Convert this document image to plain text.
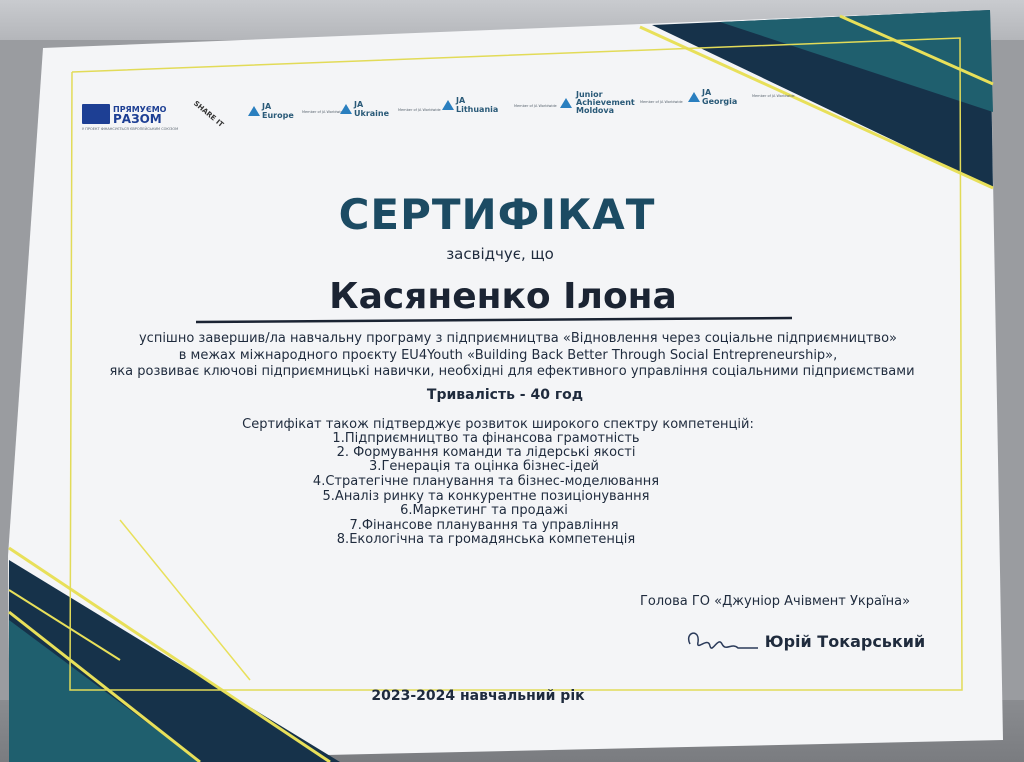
ПРЯМУЄМО
РАЗОМ
У ПРОЕКТ ФІНАНСУЄТЬСЯ ЄВРОПЕЙСЬКИМ СОЮЗОМ
SHARE IT	JA
Europe Member of JA Worldwide
JA
Ukraine	Member of JA Worldwide
JA
Lithuania	Member of JA Worldwide
Junior
Achievement
Moldova
Member of JA Worldwide
JA
Georgia
Member of JA Worldwide
СЕРТИФІКАТ
засвідчує, що
Касяненко Ілона
успішно завершив/ла навчальну програму з підприємництва «Відновлення через соціальне підприємництво»
в межах міжнародного проєкту EU4Youth «Building Back Better Through Social Entrepreneurship»,
яка розвиває ключові підприємницькі навички, необхідні для ефективного управління соціальними підприємствами
Тривалість - 40 год
Сертифікат також підтверджує розвиток широкого спектру компетенцій:
1.Підприємництво та фінансова грамотність
2. Формування команди та лідерські якості
3.Генерація та оцінка бізнес-ідей
4.Стратегічне планування та бізнес-моделювання
5.Аналіз ринку та конкурентне позиціонування
6.Маркетинг та продажі
7.Фінансове планування та управління
8.Екологічна та громадянська компетенція
Голова ГО «Джуніор Ачівмент Україна»
Юрій Токарський
2023-2024 навчальний рік
